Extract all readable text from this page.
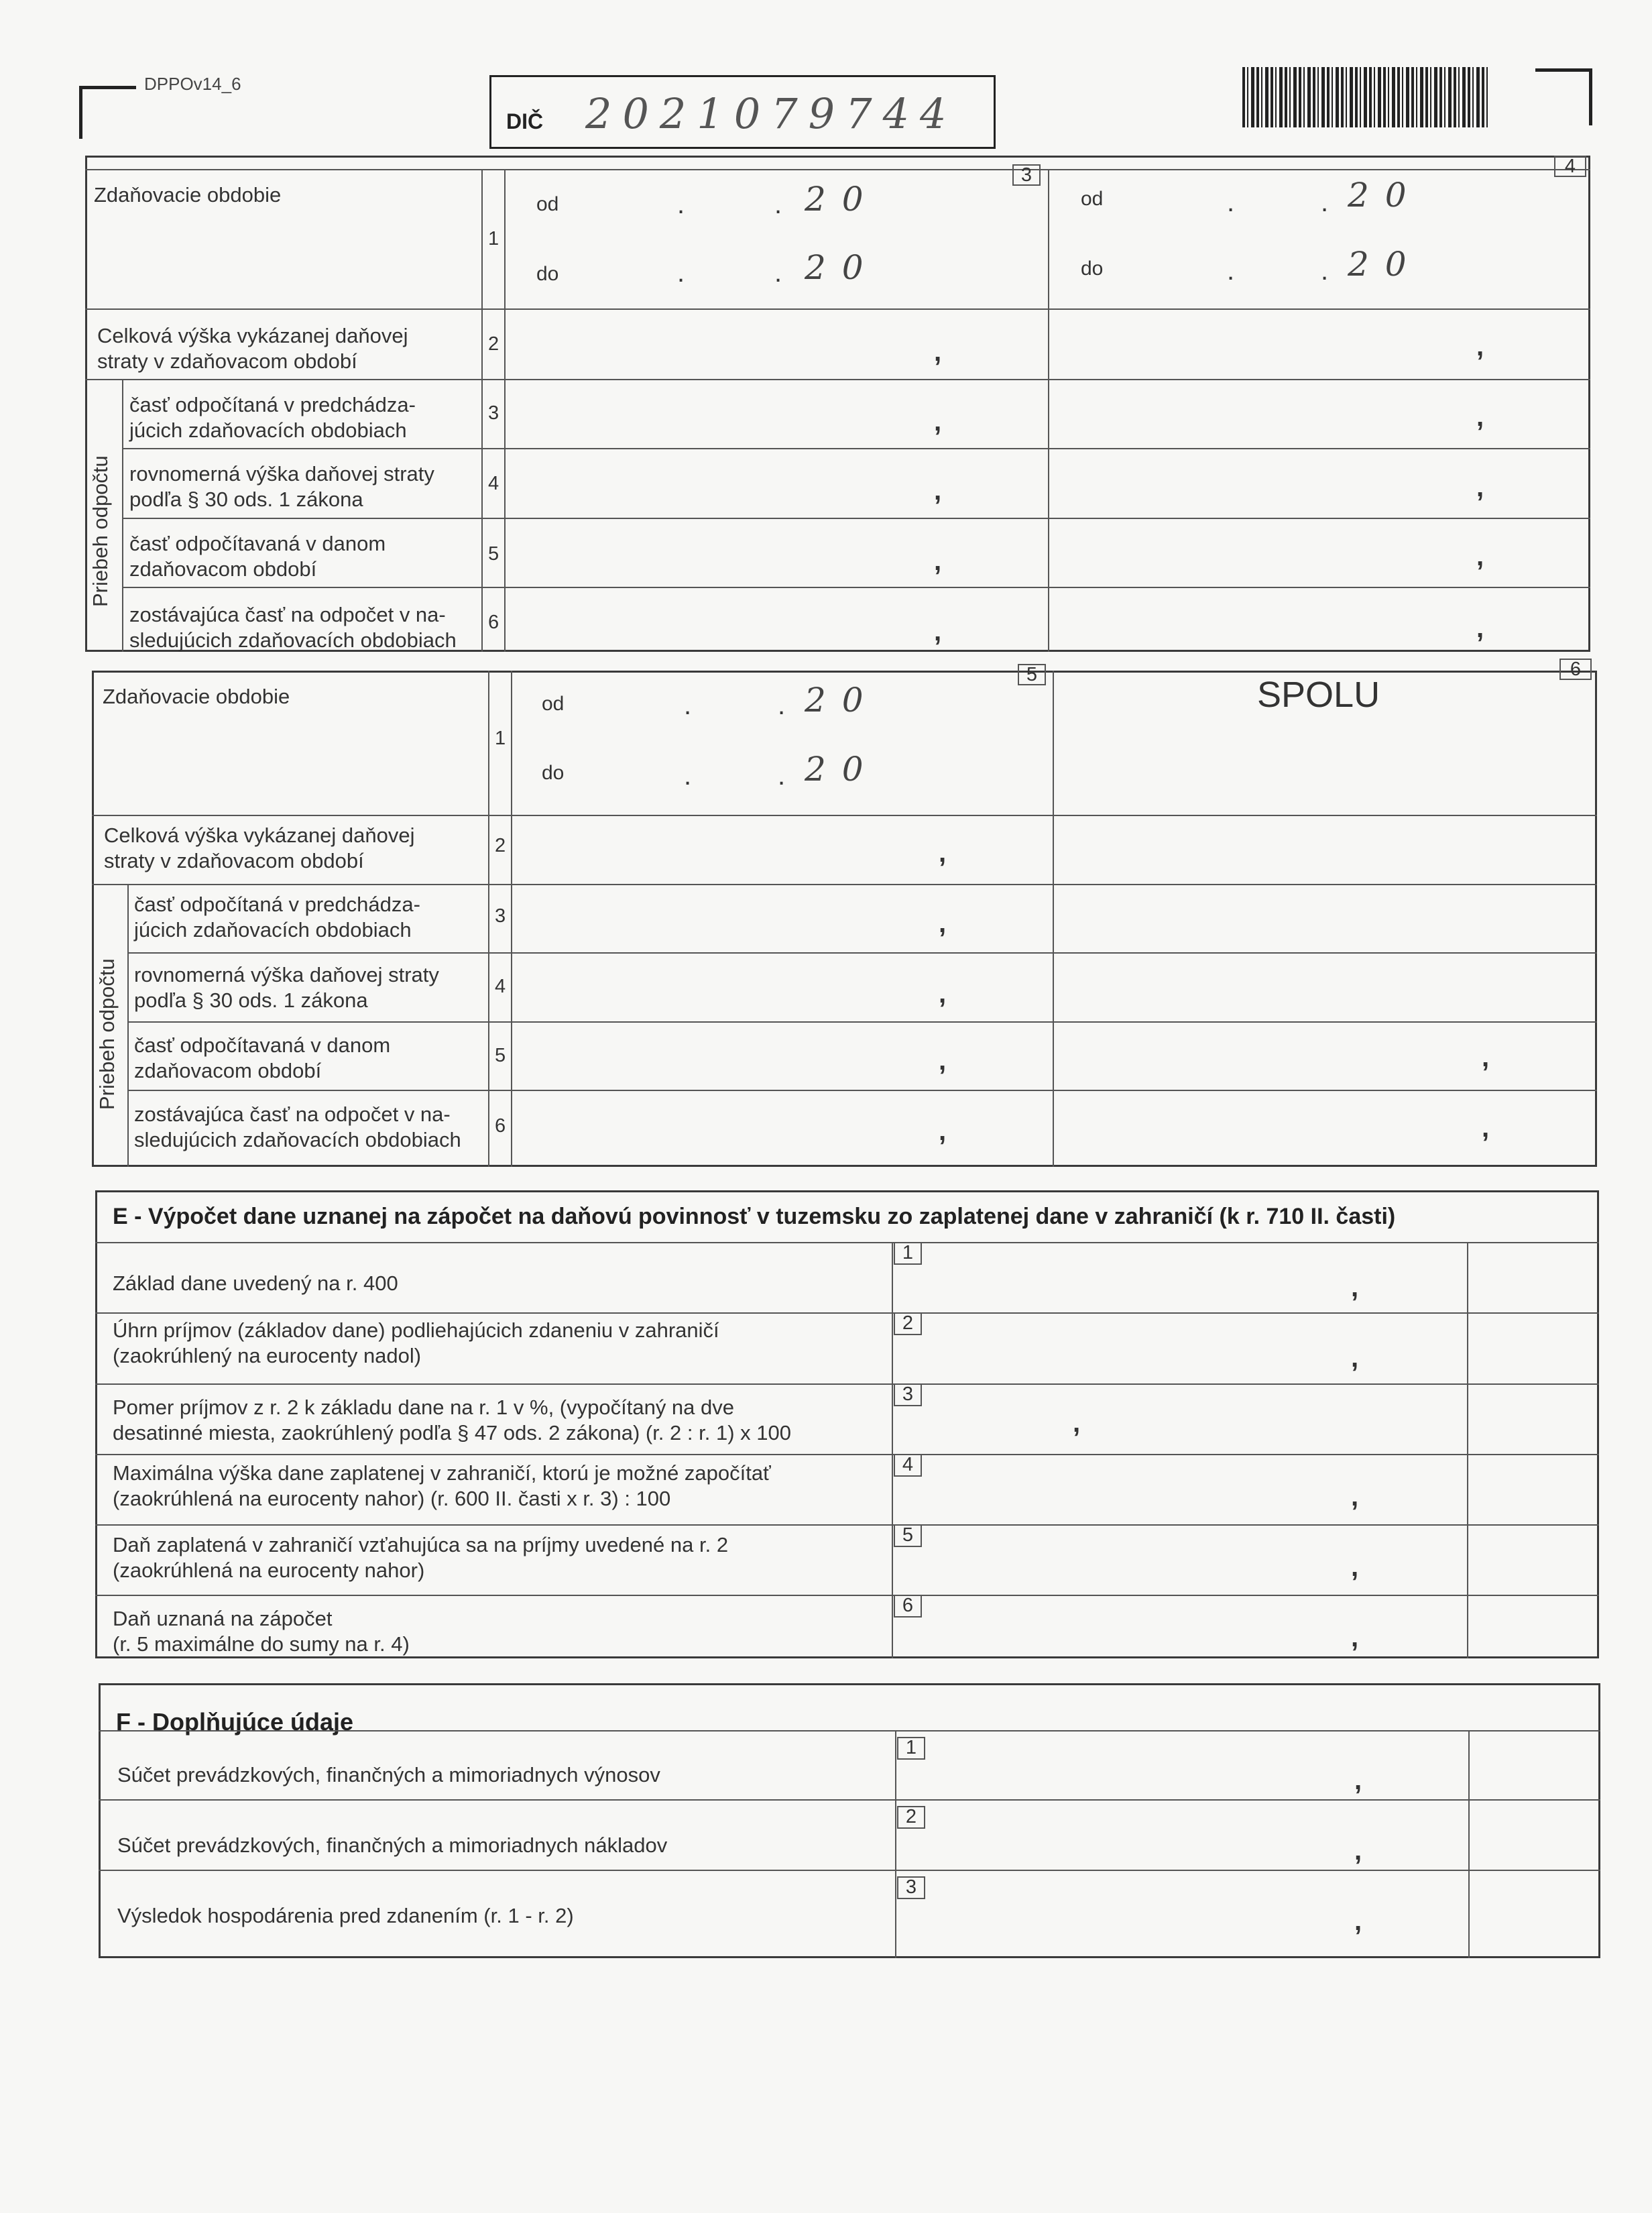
DPPOv14_6
DIČ 2021079744
3	4
Zdaňovacie obdobie
1
od	.	. 20
do	.	. 20
od	.	. 20
do	.	. 20
Celková výška vykázanej daňovej
straty v zdaňovacom období
2	,	,
Priebeh odpočtu
časť odpočítaná v predchádza-
júcich zdaňovacích obdobiach
3	,	,
rovnomerná výška daňovej straty
podľa § 30 ods. 1 zákona
4	,	,
časť odpočítavaná v danom
zdaňovacom období
5	,	,
zostávajúca časť na odpočet v na-
sledujúcich zdaňovacích obdobiach
6	,	,
5	6
SPOLU
Zdaňovacie obdobie
1
od	.	. 20
do	.	. 20
Celková výška vykázanej daňovej
straty v zdaňovacom období
2	,
Priebeh odpočtu
časť odpočítaná v predchádza-
júcich zdaňovacích obdobiach
3	,
rovnomerná výška daňovej straty
podľa § 30 ods. 1 zákona
4	,
časť odpočítavaná v danom
zdaňovacom období
5	,	,
zostávajúca časť na odpočet v na-
sledujúcich zdaňovacích obdobiach
6	,	,
E - Výpočet dane uznanej na zápočet na daňovú povinnosť v tuzemsku zo zaplatenej dane v zahraničí (k r. 710 II. časti)
1
Základ dane uvedený na r. 400	,
2
Úhrn príjmov (základov dane) podliehajúcich zdaneniu v zahraničí
(zaokrúhlený na eurocenty nadol)	,
3
Pomer príjmov z r. 2 k základu dane na r. 1 v %, (vypočítaný na dve
desatinné miesta, zaokrúhlený podľa § 47 ods. 2 zákona) (r. 2 : r. 1) x 100	,
4
Maximálna výška dane zaplatenej v zahraničí, ktorú je možné započítať
(zaokrúhlená na eurocenty nahor) (r. 600 II. časti x r. 3) : 100	,
5
Daň zaplatená v zahraničí vzťahujúca sa na príjmy uvedené na r. 2
(zaokrúhlená na eurocenty nahor)	,
6
Daň uznaná na zápočet
(r. 5 maximálne do sumy na r. 4)	,
F - Doplňujúce údaje
1
Súčet prevádzkových, finančných a mimoriadnych výnosov	,
2
Súčet prevádzkových, finančných a mimoriadnych nákladov	,
3
Výsledok hospodárenia pred zdanením (r. 1 - r. 2)	,
